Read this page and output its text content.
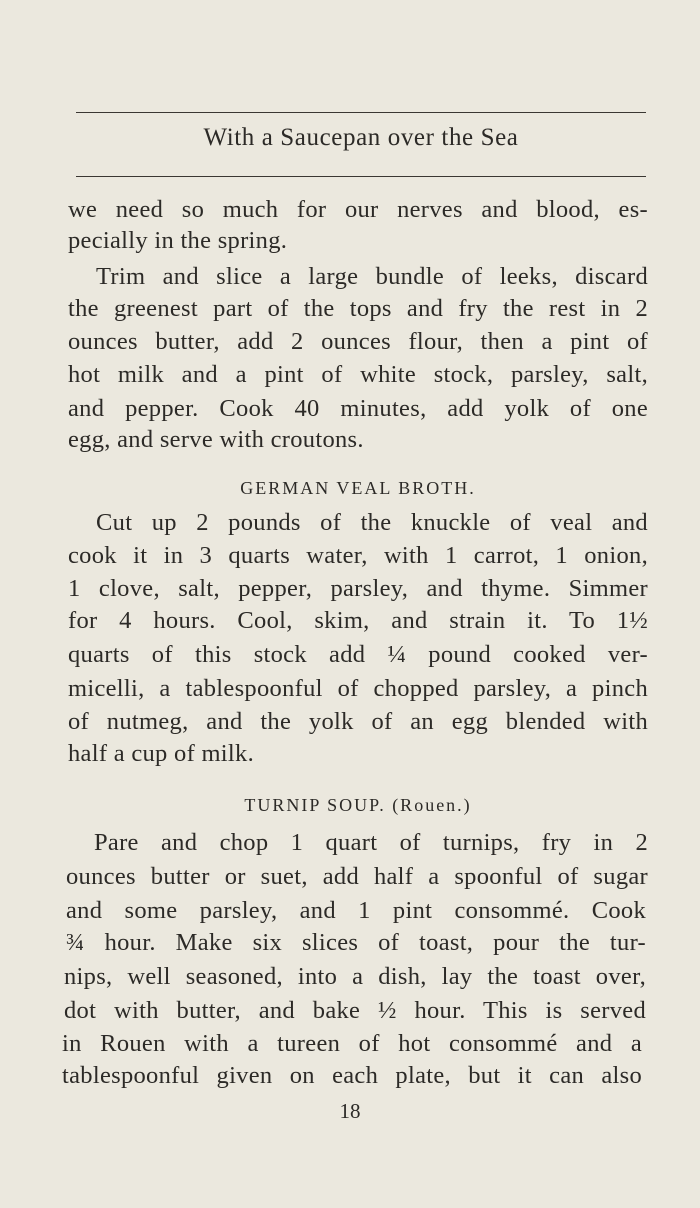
With a Saucepan over the Sea
we need so much for our nerves and blood, es-
pecially in the spring.
Trim and slice a large bundle of leeks, discard
the greenest part of the tops and fry the rest in 2
ounces butter, add 2 ounces flour, then a pint of
hot milk and a pint of white stock, parsley, salt,
and pepper. Cook 40 minutes, add yolk of one
egg, and serve with croutons.
GERMAN VEAL BROTH.
Cut up 2 pounds of the knuckle of veal and
cook it in 3 quarts water, with 1 carrot, 1 onion,
1 clove, salt, pepper, parsley, and thyme. Simmer
for 4 hours. Cool, skim, and strain it. To 1½
quarts of this stock add ¼ pound cooked ver-
micelli, a tablespoonful of chopped parsley, a pinch
of nutmeg, and the yolk of an egg blended with
half a cup of milk.
TURNIP SOUP. (Rouen.)
Pare and chop 1 quart of turnips, fry in 2
ounces butter or suet, add half a spoonful of sugar
and some parsley, and 1 pint consommé. Cook
¾ hour. Make six slices of toast, pour the tur-
nips, well seasoned, into a dish, lay the toast over,
dot with butter, and bake ½ hour. This is served
in Rouen with a tureen of hot consommé and a
tablespoonful given on each plate, but it can also
18
